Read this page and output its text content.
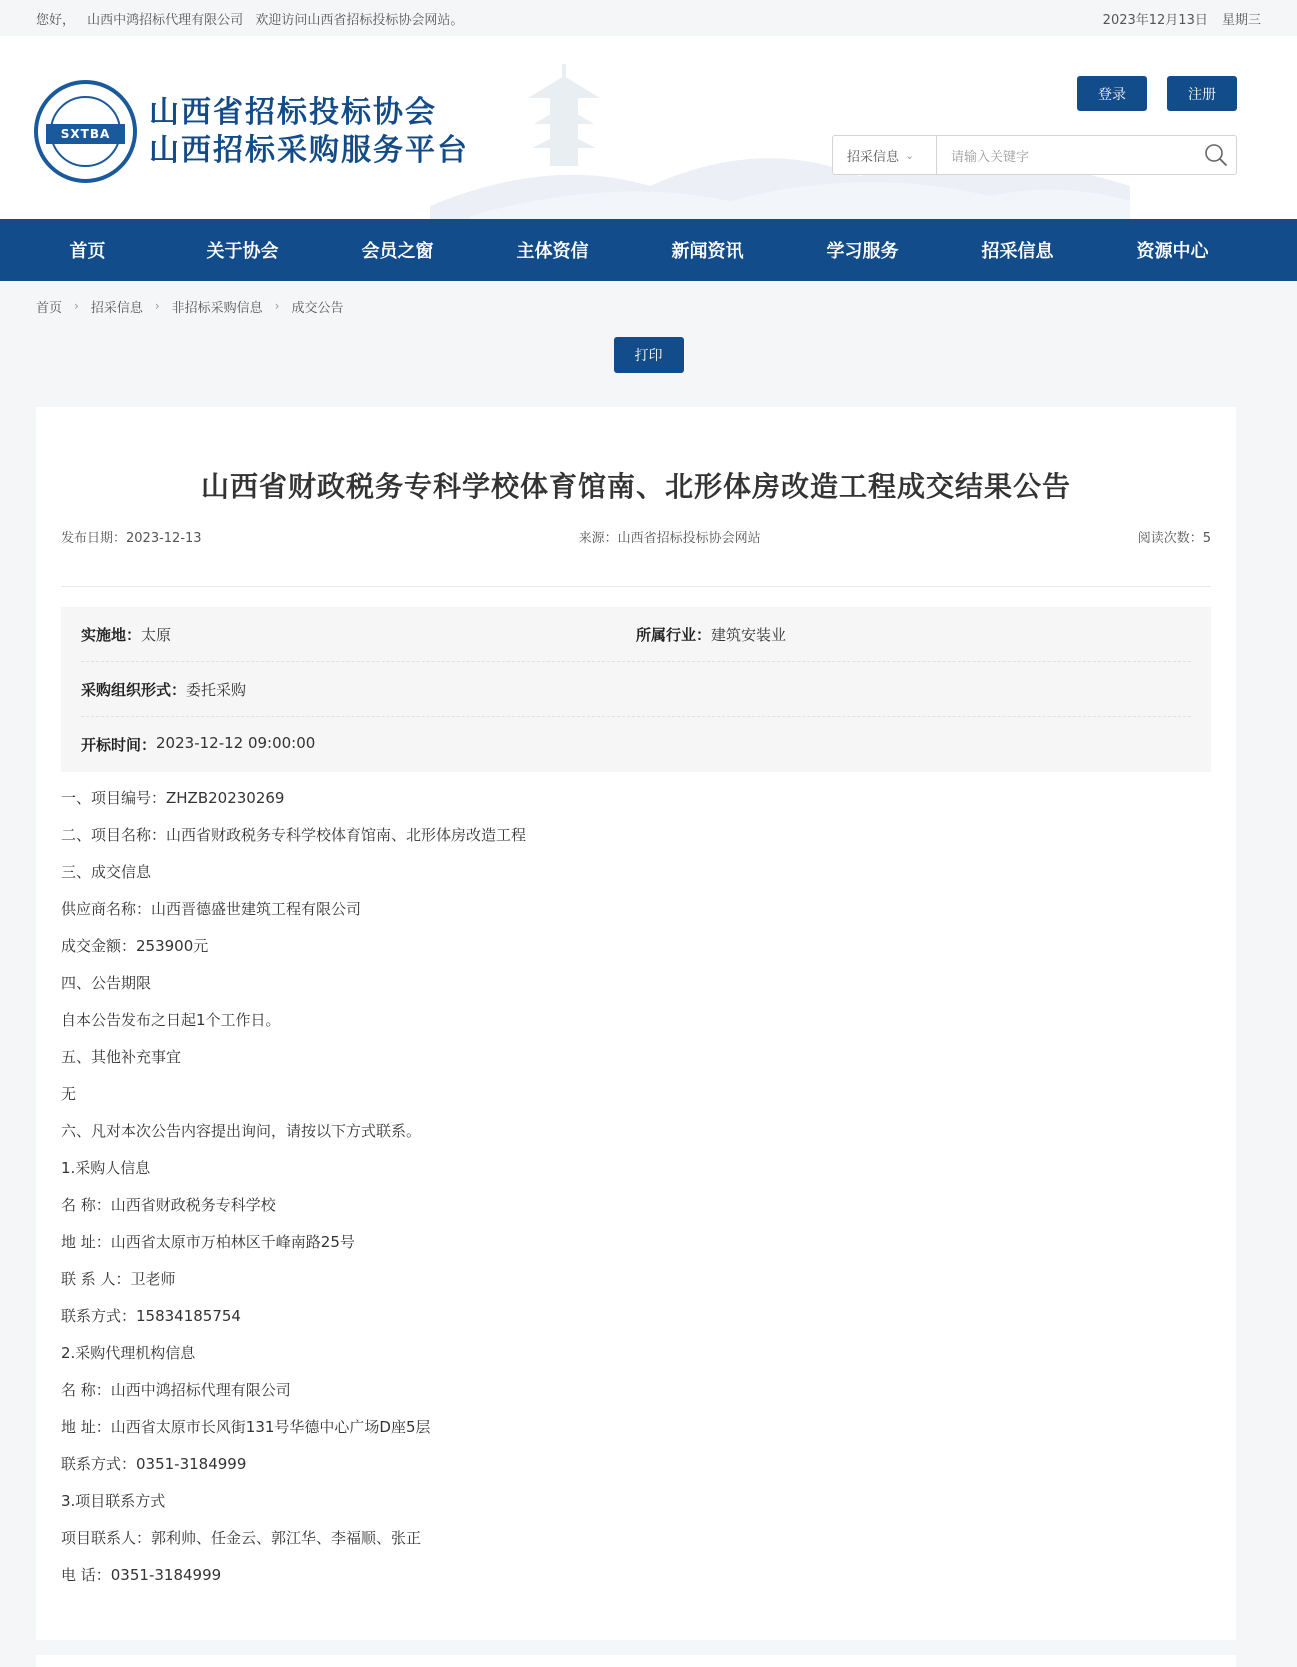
您好， 山西中鸿招标代理有限公司 欢迎访问山西省招标投标协会网站。	2023年12月13日 星期三
SXTBA
山西省招标投标协会
山西招标采购服务平台
登录	注册
招采信息 ⌄	请输入关键字
首页	关于协会	会员之窗	主体资信	新闻资讯	学习服务	招采信息	资源中心
首页 › 招采信息 › 非招标采购信息 › 成交公告
打印
山西省财政税务专科学校体育馆南、北形体房改造工程成交结果公告
发布日期：2023-12-13	来源：山西省招标投标协会网站	阅读次数：5
实施地： 太原	所属行业： 建筑安装业
采购组织形式： 委托采购
开标时间： 2023-12-12 09:00:00

一、项目编号：ZHZB20230269

二、项目名称：山西省财政税务专科学校体育馆南、北形体房改造工程

三、成交信息

供应商名称：山西晋德盛世建筑工程有限公司

成交金额：253900元

四、公告期限

自本公告发布之日起1个工作日。

五、其他补充事宜

无

六、凡对本次公告内容提出询问，请按以下方式联系。

1.采购人信息

名 称：山西省财政税务专科学校

地 址：山西省太原市万柏林区千峰南路25号

联 系 人：卫老师

联系方式：15834185754

2.采购代理机构信息

名 称：山西中鸿招标代理有限公司

地 址：山西省太原市长风街131号华德中心广场D座5层

联系方式：0351-3184999

3.项目联系方式

项目联系人：郭利帅、任金云、郭江华、李福顺、张正

电 话：0351-3184999
